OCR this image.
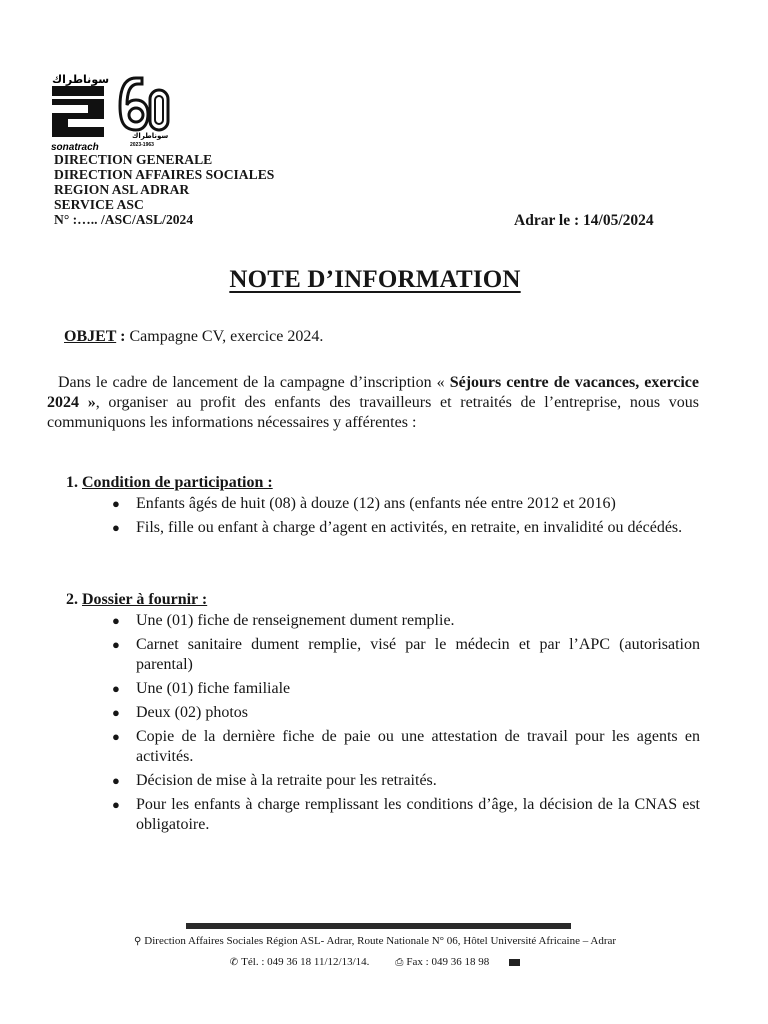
سوناطراك
sonatrach
سوناطراك
2023-1963
DIRECTION GENERALE
DIRECTION AFFAIRES SOCIALES
REGION ASL ADRAR
SERVICE ASC
N° :….. /ASC/ASL/2024	Adrar le : 14/05/2024
NOTE D’INFORMATION
OBJET : Campagne CV, exercice 2024.
Dans le cadre de lancement de la campagne d’inscription « Séjours centre de vacances, exercice 2024 », organiser au profit des enfants des travailleurs et retraités de l’entreprise, nous vous communiquons les informations nécessaires y afférentes :
1. Condition de participation :
● Enfants âgés de huit (08) à douze (12) ans (enfants née entre 2012 et 2016)
● Fils, fille ou enfant à charge d’agent en activités, en retraite, en invalidité ou décédés.
2. Dossier à fournir :
● Une (01) fiche de renseignement dument remplie.
● Carnet sanitaire dument remplie, visé par le médecin et par l’APC (autorisation parental)
● Une (01) fiche familiale
● Deux (02) photos
● Copie de la dernière fiche de paie ou une attestation de travail pour les agents en activités.
● Décision de mise à la retraite pour les retraités.
● Pour les enfants à charge remplissant les conditions d’âge, la décision de la CNAS est obligatoire.
⚲ Direction Affaires Sociales Région ASL- Adrar, Route Nationale N° 06, Hôtel Université Africaine – Adrar
✆ Tél. : 049 36 18 11/12/13/14.	⎙ Fax : 049 36 18 98
